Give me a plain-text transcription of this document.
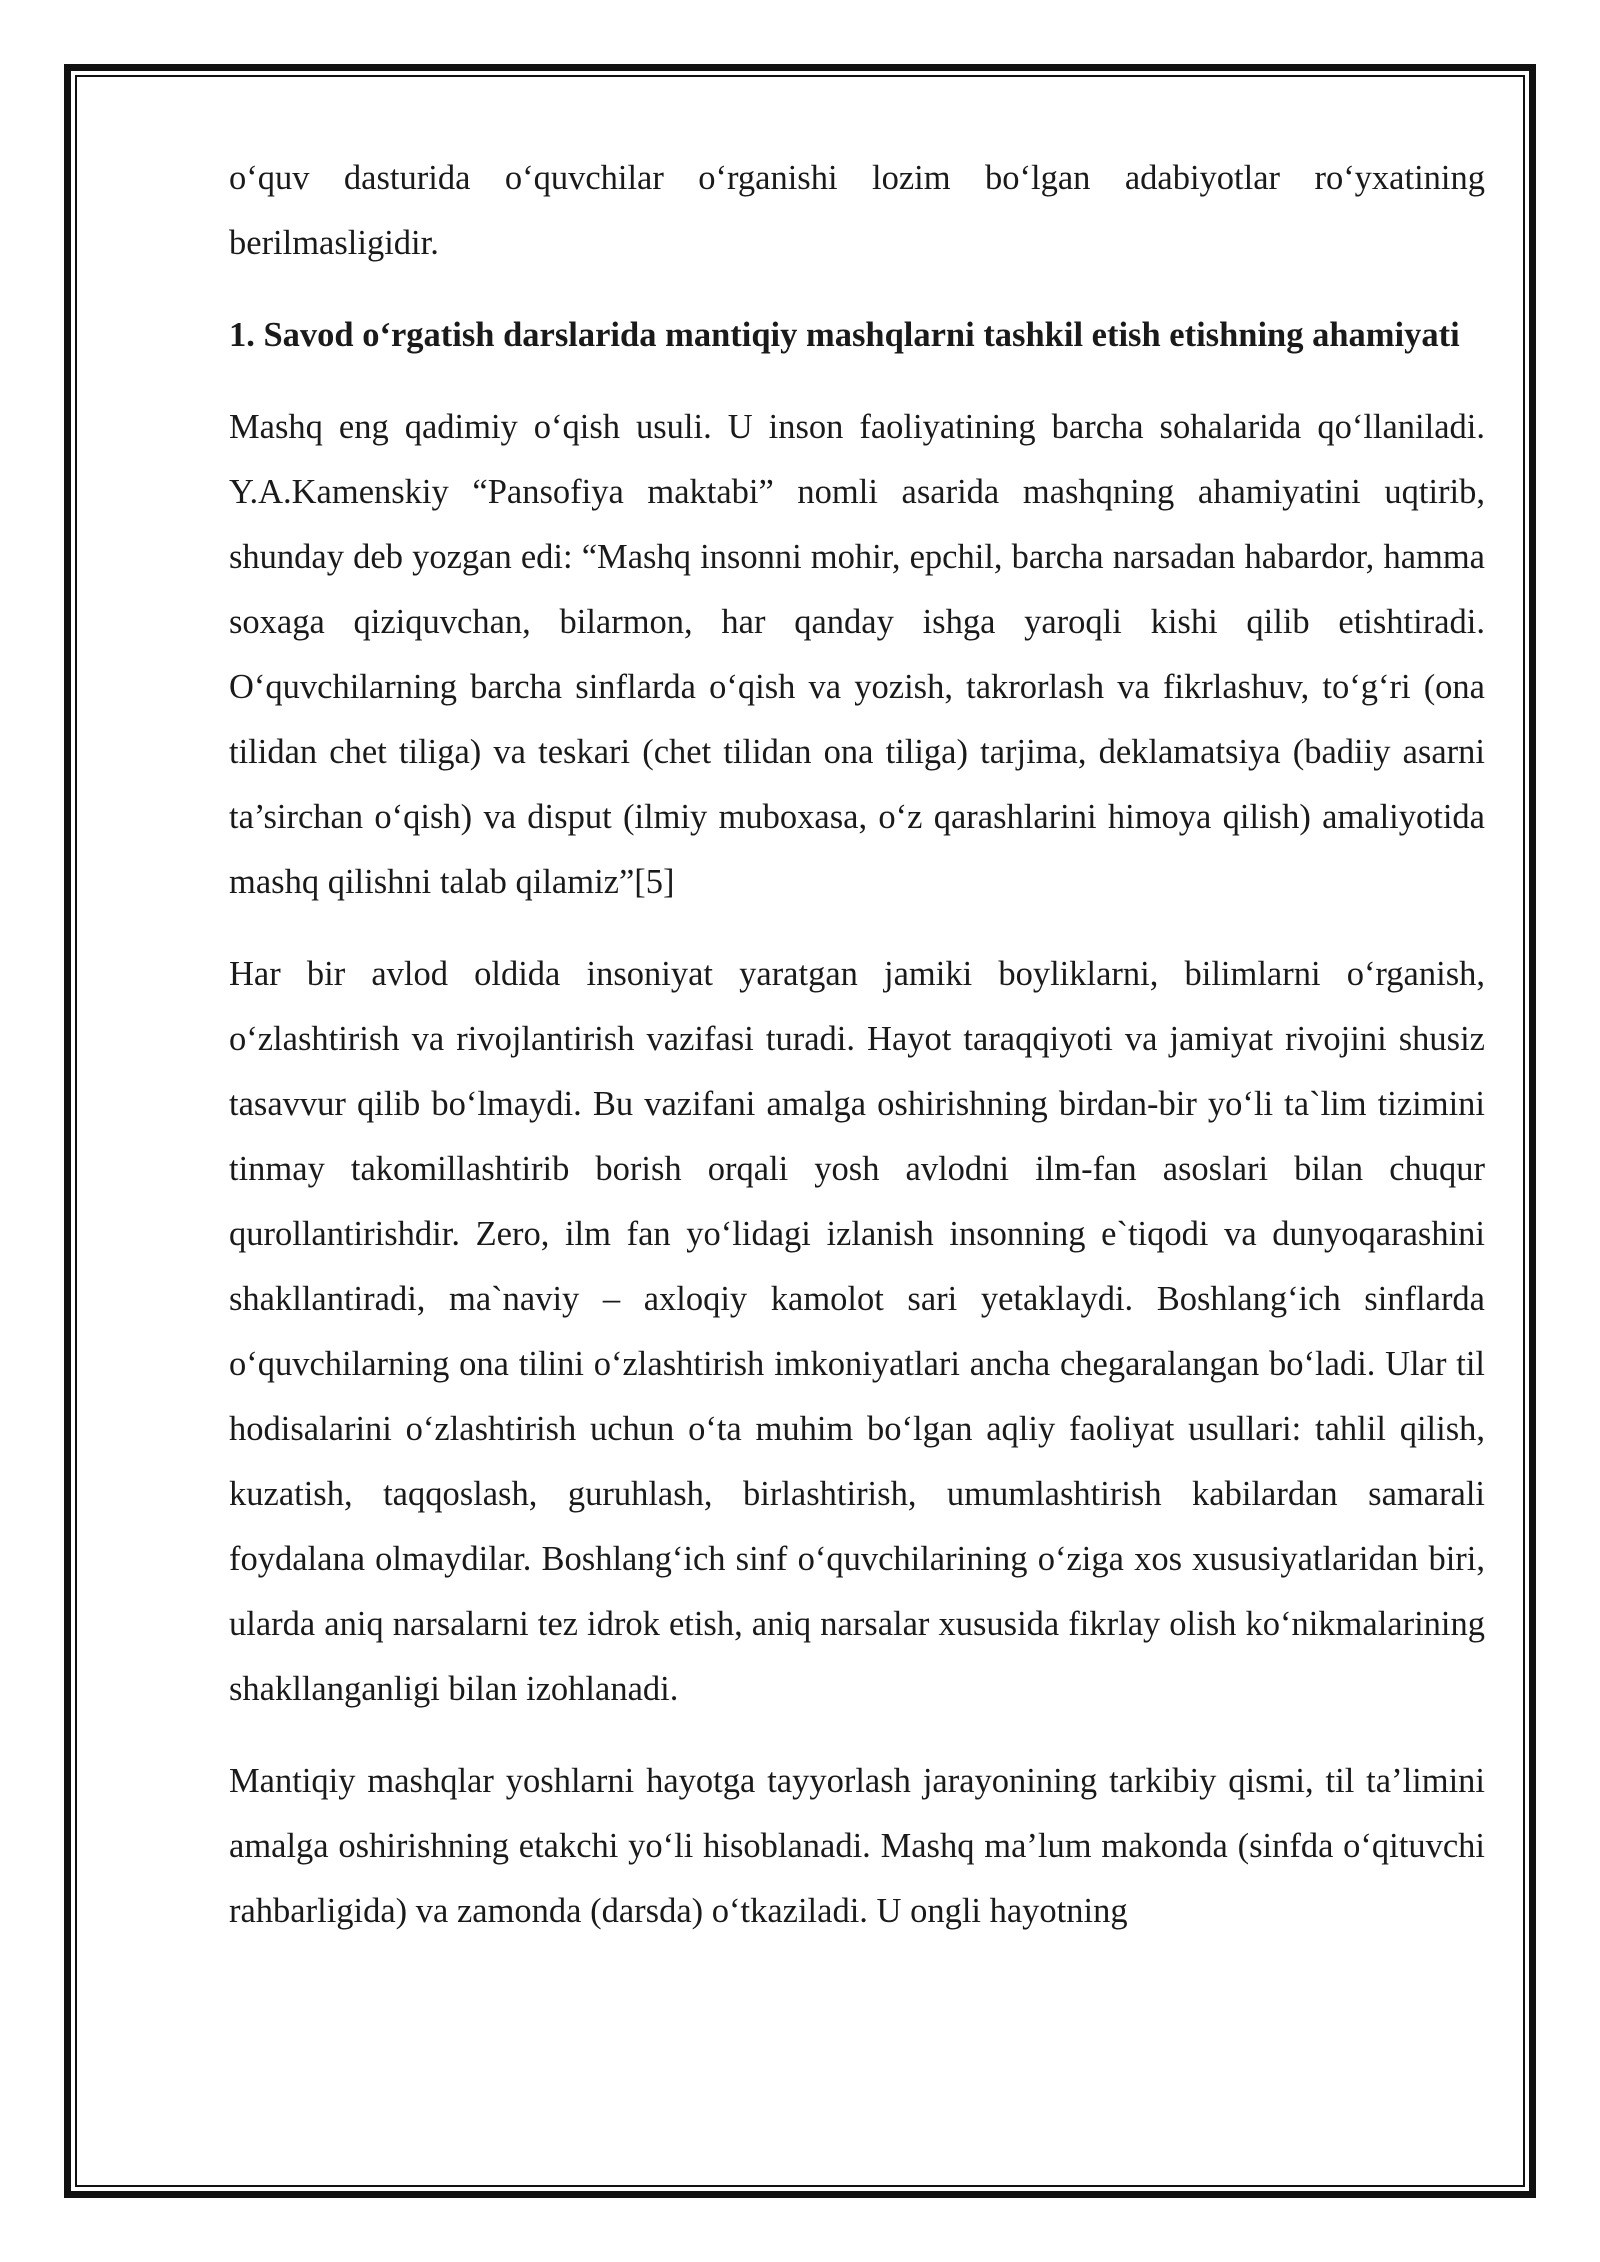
o‘quv dasturida o‘quvchilar o‘rganishi lozim bo‘lgan adabiyotlar ro‘yxatining berilmasligidir.

1. Savod o‘rgatish darslarida mantiqiy mashqlarni tashkil etish etishning ahamiyati

Mashq eng qadimiy o‘qish usuli. U inson faoliyatining barcha sohalarida qo‘llaniladi. Y.A.Kamenskiy “Pansofiya maktabi” nomli asarida mashqning ahamiyatini uqtirib, shunday deb yozgan edi: “Mashq insonni mohir, epchil, barcha narsadan habardor, hamma soxaga qiziquvchan, bilarmon, har qanday ishga yaroqli kishi qilib etishtiradi. O‘quvchilarning barcha sinflarda o‘qish va yozish, takrorlash va fikrlashuv, to‘g‘ri (ona tilidan chet tiliga) va teskari (chet tilidan ona tiliga) tarjima, deklamatsiya (badiiy asarni ta’sirchan o‘qish) va disput (ilmiy muboxasa, o‘z qarashlarini himoya qilish) amaliyotida mashq qilishni talab qilamiz”[5]

Har bir avlod oldida insoniyat yaratgan jamiki boyliklarni, bilimlarni o‘rganish, o‘zlashtirish va rivojlantirish vazifasi turadi. Hayot taraqqiyoti va jamiyat rivojini shusiz tasavvur qilib bo‘lmaydi. Bu vazifani amalga oshirishning birdan-bir yo‘li ta`lim tizimini tinmay takomillashtirib borish orqali yosh avlodni ilm-fan asoslari bilan chuqur qurollantirishdir. Zero, ilm fan yo‘lidagi izlanish insonning e`tiqodi va dunyoqarashini shakllantiradi, ma`naviy – axloqiy kamolot sari yetaklaydi. Boshlang‘ich sinflarda o‘quvchilarning ona tilini o‘zlashtirish imkoniyatlari ancha chegaralangan bo‘ladi. Ular til hodisalarini o‘zlashtirish uchun o‘ta muhim bo‘lgan aqliy faoliyat usullari: tahlil qilish, kuzatish, taqqoslash, guruhlash, birlashtirish, umumlashtirish kabilardan samarali foydalana olmaydilar. Boshlang‘ich sinf o‘quvchilarining o‘ziga xos xususiyatlaridan biri, ularda aniq narsalarni tez idrok etish, aniq narsalar xususida fikrlay olish ko‘nikmalarining shakllanganligi bilan izohlanadi.

Mantiqiy mashqlar yoshlarni hayotga tayyorlash jarayonining tarkibiy qismi, til ta’limini amalga oshirishning etakchi yo‘li hisoblanadi. Mashq ma’lum makonda (sinfda o‘qituvchi rahbarligida) va zamonda (darsda) o‘tkaziladi. U ongli hayotning
